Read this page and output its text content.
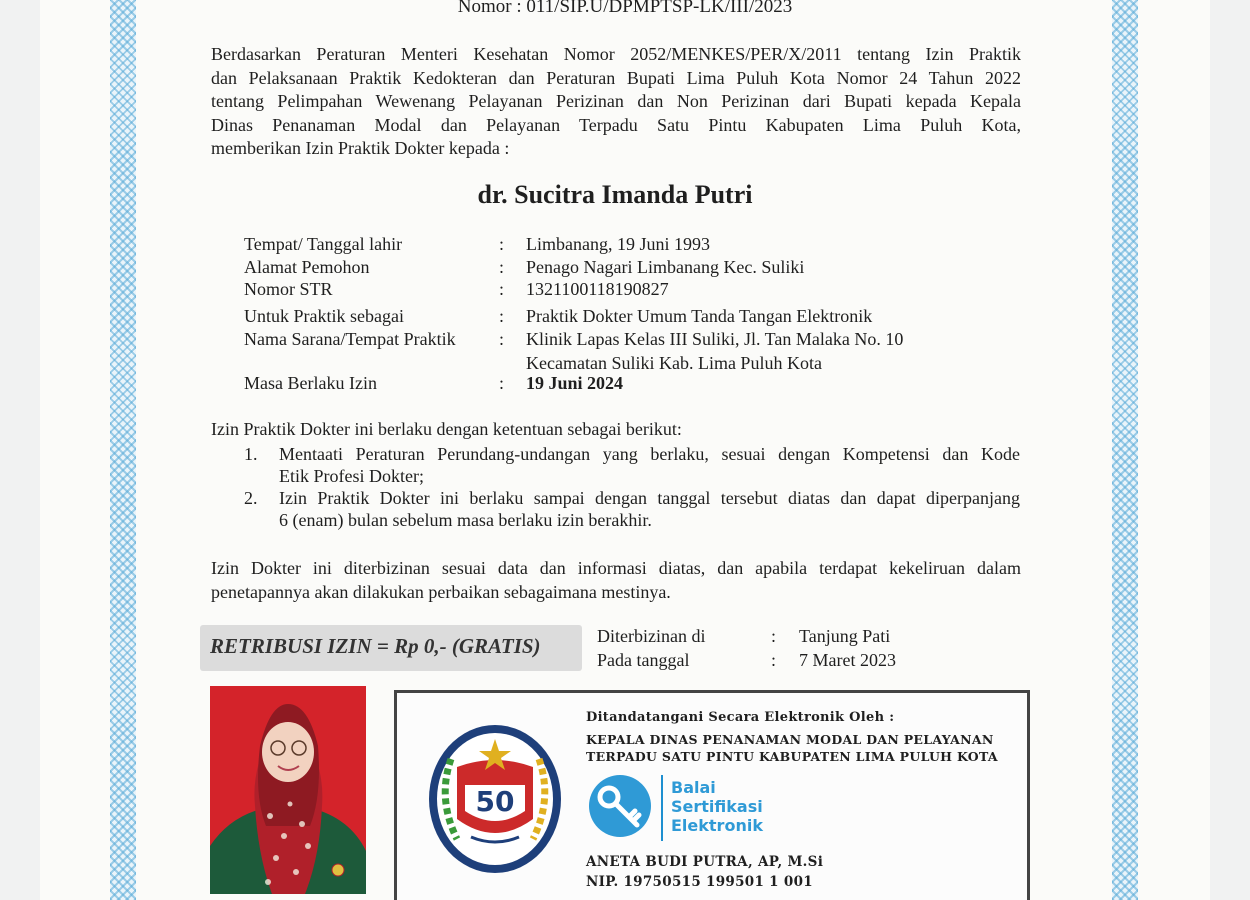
Nomor : 011/SIP.U/DPMPTSP-LK/III/2023
Berdasarkan Peraturan Menteri Kesehatan Nomor 2052/MENKES/PER/X/2011 tentang Izin Praktik
dan Pelaksanaan Praktik Kedokteran dan Peraturan Bupati Lima Puluh Kota Nomor 24 Tahun 2022
tentang Pelimpahan Wewenang Pelayanan Perizinan dan Non Perizinan dari Bupati kepada Kepala
Dinas Penanaman Modal dan Pelayanan Terpadu Satu Pintu Kabupaten Lima Puluh Kota,
memberikan Izin Praktik Dokter kepada :
dr. Sucitra Imanda Putri
Tempat/ Tanggal lahir	: Limbanang, 19 Juni 1993
Alamat Pemohon	: Penago Nagari Limbanang Kec. Suliki
Nomor STR	: 1321100118190827
Untuk Praktik sebagai	: Praktik Dokter Umum Tanda Tangan Elektronik
Nama Sarana/Tempat Praktik	: Klinik Lapas Kelas III Suliki, Jl. Tan Malaka No. 10
Kecamatan Suliki Kab. Lima Puluh Kota
Masa Berlaku Izin	: 19 Juni 2024
Izin Praktik Dokter ini berlaku dengan ketentuan sebagai berikut:
1. Mentaati Peraturan Perundang-undangan yang berlaku, sesuai dengan Kompetensi dan Kode
Etik Profesi Dokter;
2. Izin Praktik Dokter ini berlaku sampai dengan tanggal tersebut diatas dan dapat diperpanjang
6 (enam) bulan sebelum masa berlaku izin berakhir.
Izin Dokter ini diterbizinan sesuai data dan informasi diatas, dan apabila terdapat kekeliruan dalam
penetapannya akan dilakukan perbaikan sebagaimana mestinya.
RETRIBUSI IZIN = Rp 0,- (GRATIS)	Diterbizinan di	: Tanjung Pati
Pada tanggal	: 7 Maret 2023
50
Ditandatangani Secara Elektronik Oleh :
KEPALA DINAS PENANAMAN MODAL DAN PELAYANAN
TERPADU SATU PINTU KABUPATEN LIMA PULUH KOTA
Balai
Sertifikasi
Elektronik
ANETA BUDI PUTRA, AP, M.Si
NIP. 19750515 199501 1 001
